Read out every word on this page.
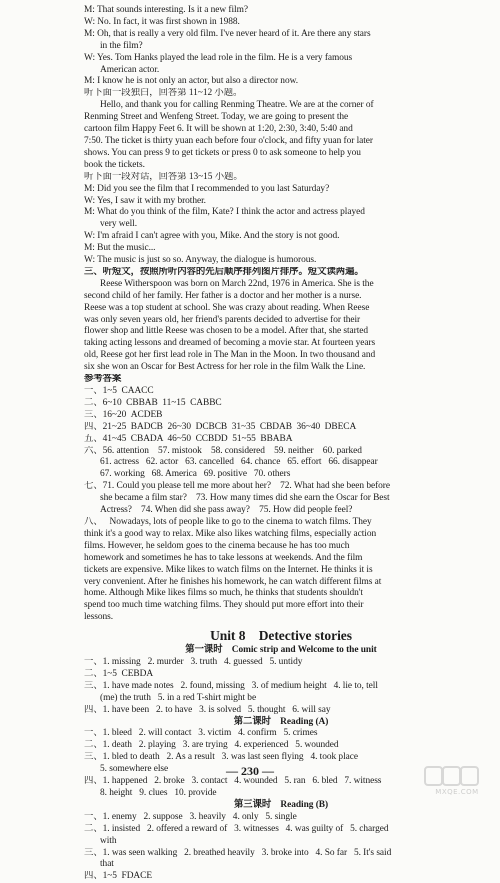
M: That sounds interesting. Is it a new film?
W: No. In fact, it was first shown in 1988.
M: Oh, that is really a very old film. I've never heard of it. Are there any stars
in the film?
W: Yes. Tom Hanks played the lead role in the film. He is a very famous
American actor.
M: I know he is not only an actor, but also a director now.
听下面一段独白，回答第 11~12 小题。
Hello, and thank you for calling Renming Theatre. We are at the corner of
Renming Street and Wenfeng Street. Today, we are going to present the
cartoon film Happy Feet 6. It will be shown at 1:20, 2:30, 3:40, 5:40 and
7:50. The ticket is thirty yuan each before four o'clock, and fifty yuan for later
shows. You can press 9 to get tickets or press 0 to ask someone to help you
book the tickets.
听下面一段对话，回答第 13~15 小题。
M: Did you see the film that I recommended to you last Saturday?
W: Yes, I saw it with my brother.
M: What do you think of the film, Kate? I think the actor and actress played
very well.
W: I'm afraid I can't agree with you, Mike. And the story is not good.
M: But the music...
W: The music is just so so. Anyway, the dialogue is humorous.
三、听短文，按照所听内容的先后顺序排列图片排序。短文读两遍。
Reese Witherspoon was born on March 22nd, 1976 in America. She is the
second child of her family. Her father is a doctor and her mother is a nurse.
Reese was a top student at school. She was crazy about reading. When Reese
was only seven years old, her friend's parents decided to advertise for their
flower shop and little Reese was chosen to be a model. After that, she started
taking acting lessons and dreamed of becoming a movie star. At fourteen years
old, Reese got her first lead role in The Man in the Moon. In two thousand and
six she won an Oscar for Best Actress for her role in the film Walk the Line.
参考答案
一、1~5  CAACC
二、6~10  CBBAB  11~15  CABBC
三、16~20  ACDEB
四、21~25  BADCB  26~30  DCBCB  31~35  CBDAB  36~40  DBECA
五、41~45  CBADA  46~50  CCBDD  51~55  BBABA
六、56. attention    57. mistook    58. considered    59. neither    60. parked
61. actress   62. actor   63. cancelled   64. chance   65. effort   66. disappear
67. working   68. America   69. positive   70. others
七、71. Could you please tell me more about her?    72. What had she been before
she became a film star?    73. How many times did she earn the Oscar for Best
Actress?    74. When did she pass away?    75. How did people feel?
八、   Nowadays, lots of people like to go to the cinema to watch films. They
think it's a good way to relax. Mike also likes watching films, especially action
films. However, he seldom goes to the cinema because he has too much
homework and sometimes he has to take lessons at weekends. And the film
tickets are expensive. Mike likes to watch films on the Internet. He thinks it is
very convenient. After he finishes his homework, he can watch different films at
home. Although Mike likes films so much, he thinks that students shouldn't
spend too much time watching films. They should put more effort into their
lessons.
Unit 8    Detective stories
第一课时    Comic strip and Welcome to the unit
一、1. missing   2. murder   3. truth   4. guessed   5. untidy
二、1~5  CEBDA
三、1. have made notes   2. found, missing   3. of medium height   4. lie to, tell
(me) the truth   5. in a red T-shirt might be
四、1. have been   2. to have   3. is solved   5. thought   6. will say
第二课时    Reading (A)
一、1. bleed   2. will contact   3. victim   4. confirm   5. crimes
二、1. death   2. playing   3. are trying   4. experienced   5. wounded
三、1. bled to death   2. As a result   3. was last seen flying   4. took place
5. somewhere else
四、1. happened   2. broke   3. contact   4. wounded   5. ran   6. bled   7. witness
8. height   9. clues   10. provide
第三课时    Reading (B)
一、1. enemy   2. suppose   3. heavily   4. only   5. single
二、1. insisted   2. offered a reward of   3. witnesses   4. was guilty of   5. charged
with
三、1. was seen walking   2. breathed heavily   3. broke into   4. So far   5. It's said
that
四、1~5  FDACE
— 230 —
MXQE.COM
